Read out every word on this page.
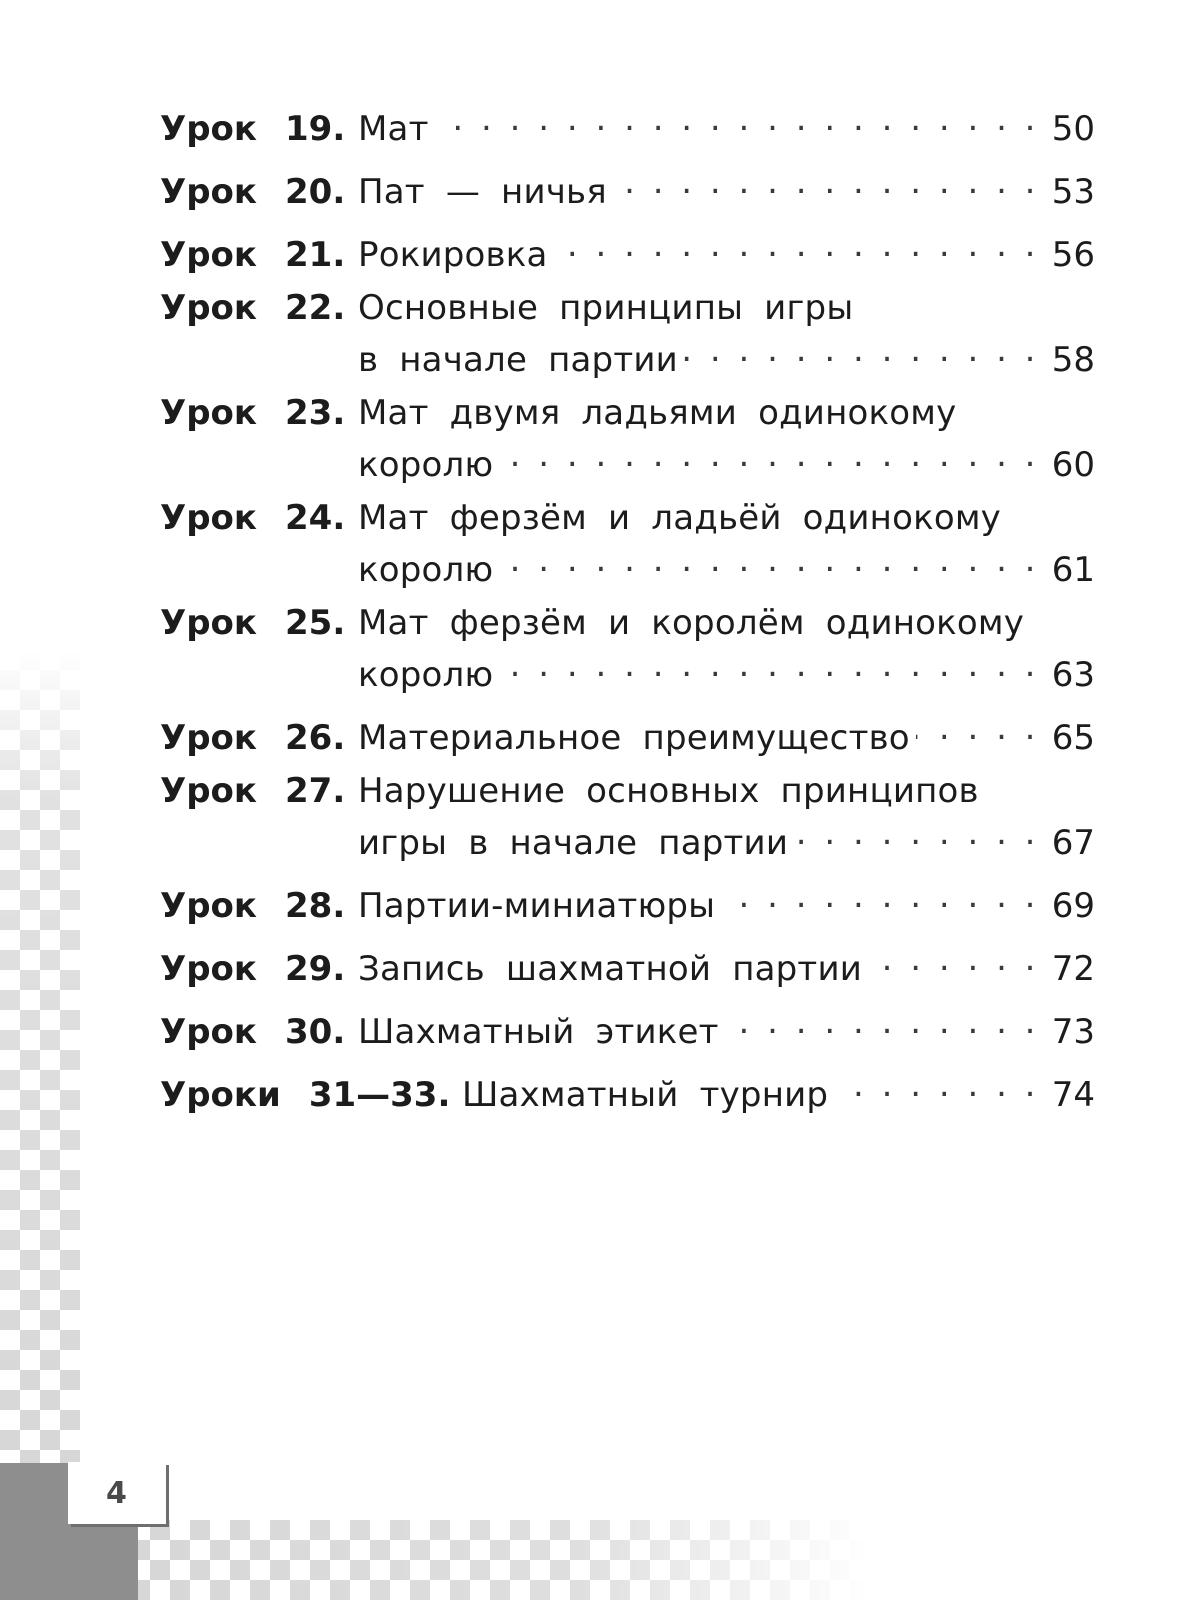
4
Урок 19. Мат . . .	50
Урок 20. Пат — ничья . . .	53
Урок 21. Рокировка . . .	56
Урок 22. Основные принципы игры
в начале партии . . .	58
Урок 23. Мат двумя ладьями одинокому
королю . . .	60
Урок 24. Мат ферзём и ладьёй одинокому
королю . . .	61
Урок 25. Мат ферзём и королём одинокому
королю . . .	63
Урок 26. Материальное преимущество . . .	65
Урок 27. Нарушение основных принципов
игры в начале партии . . .	67
Урок 28. Партии-миниатюры . . .	69
Урок 29. Запись шахматной партии . . .	72
Урок 30. Шахматный этикет . . .	73
Уроки 31—33. Шахматный турнир . . .	74
